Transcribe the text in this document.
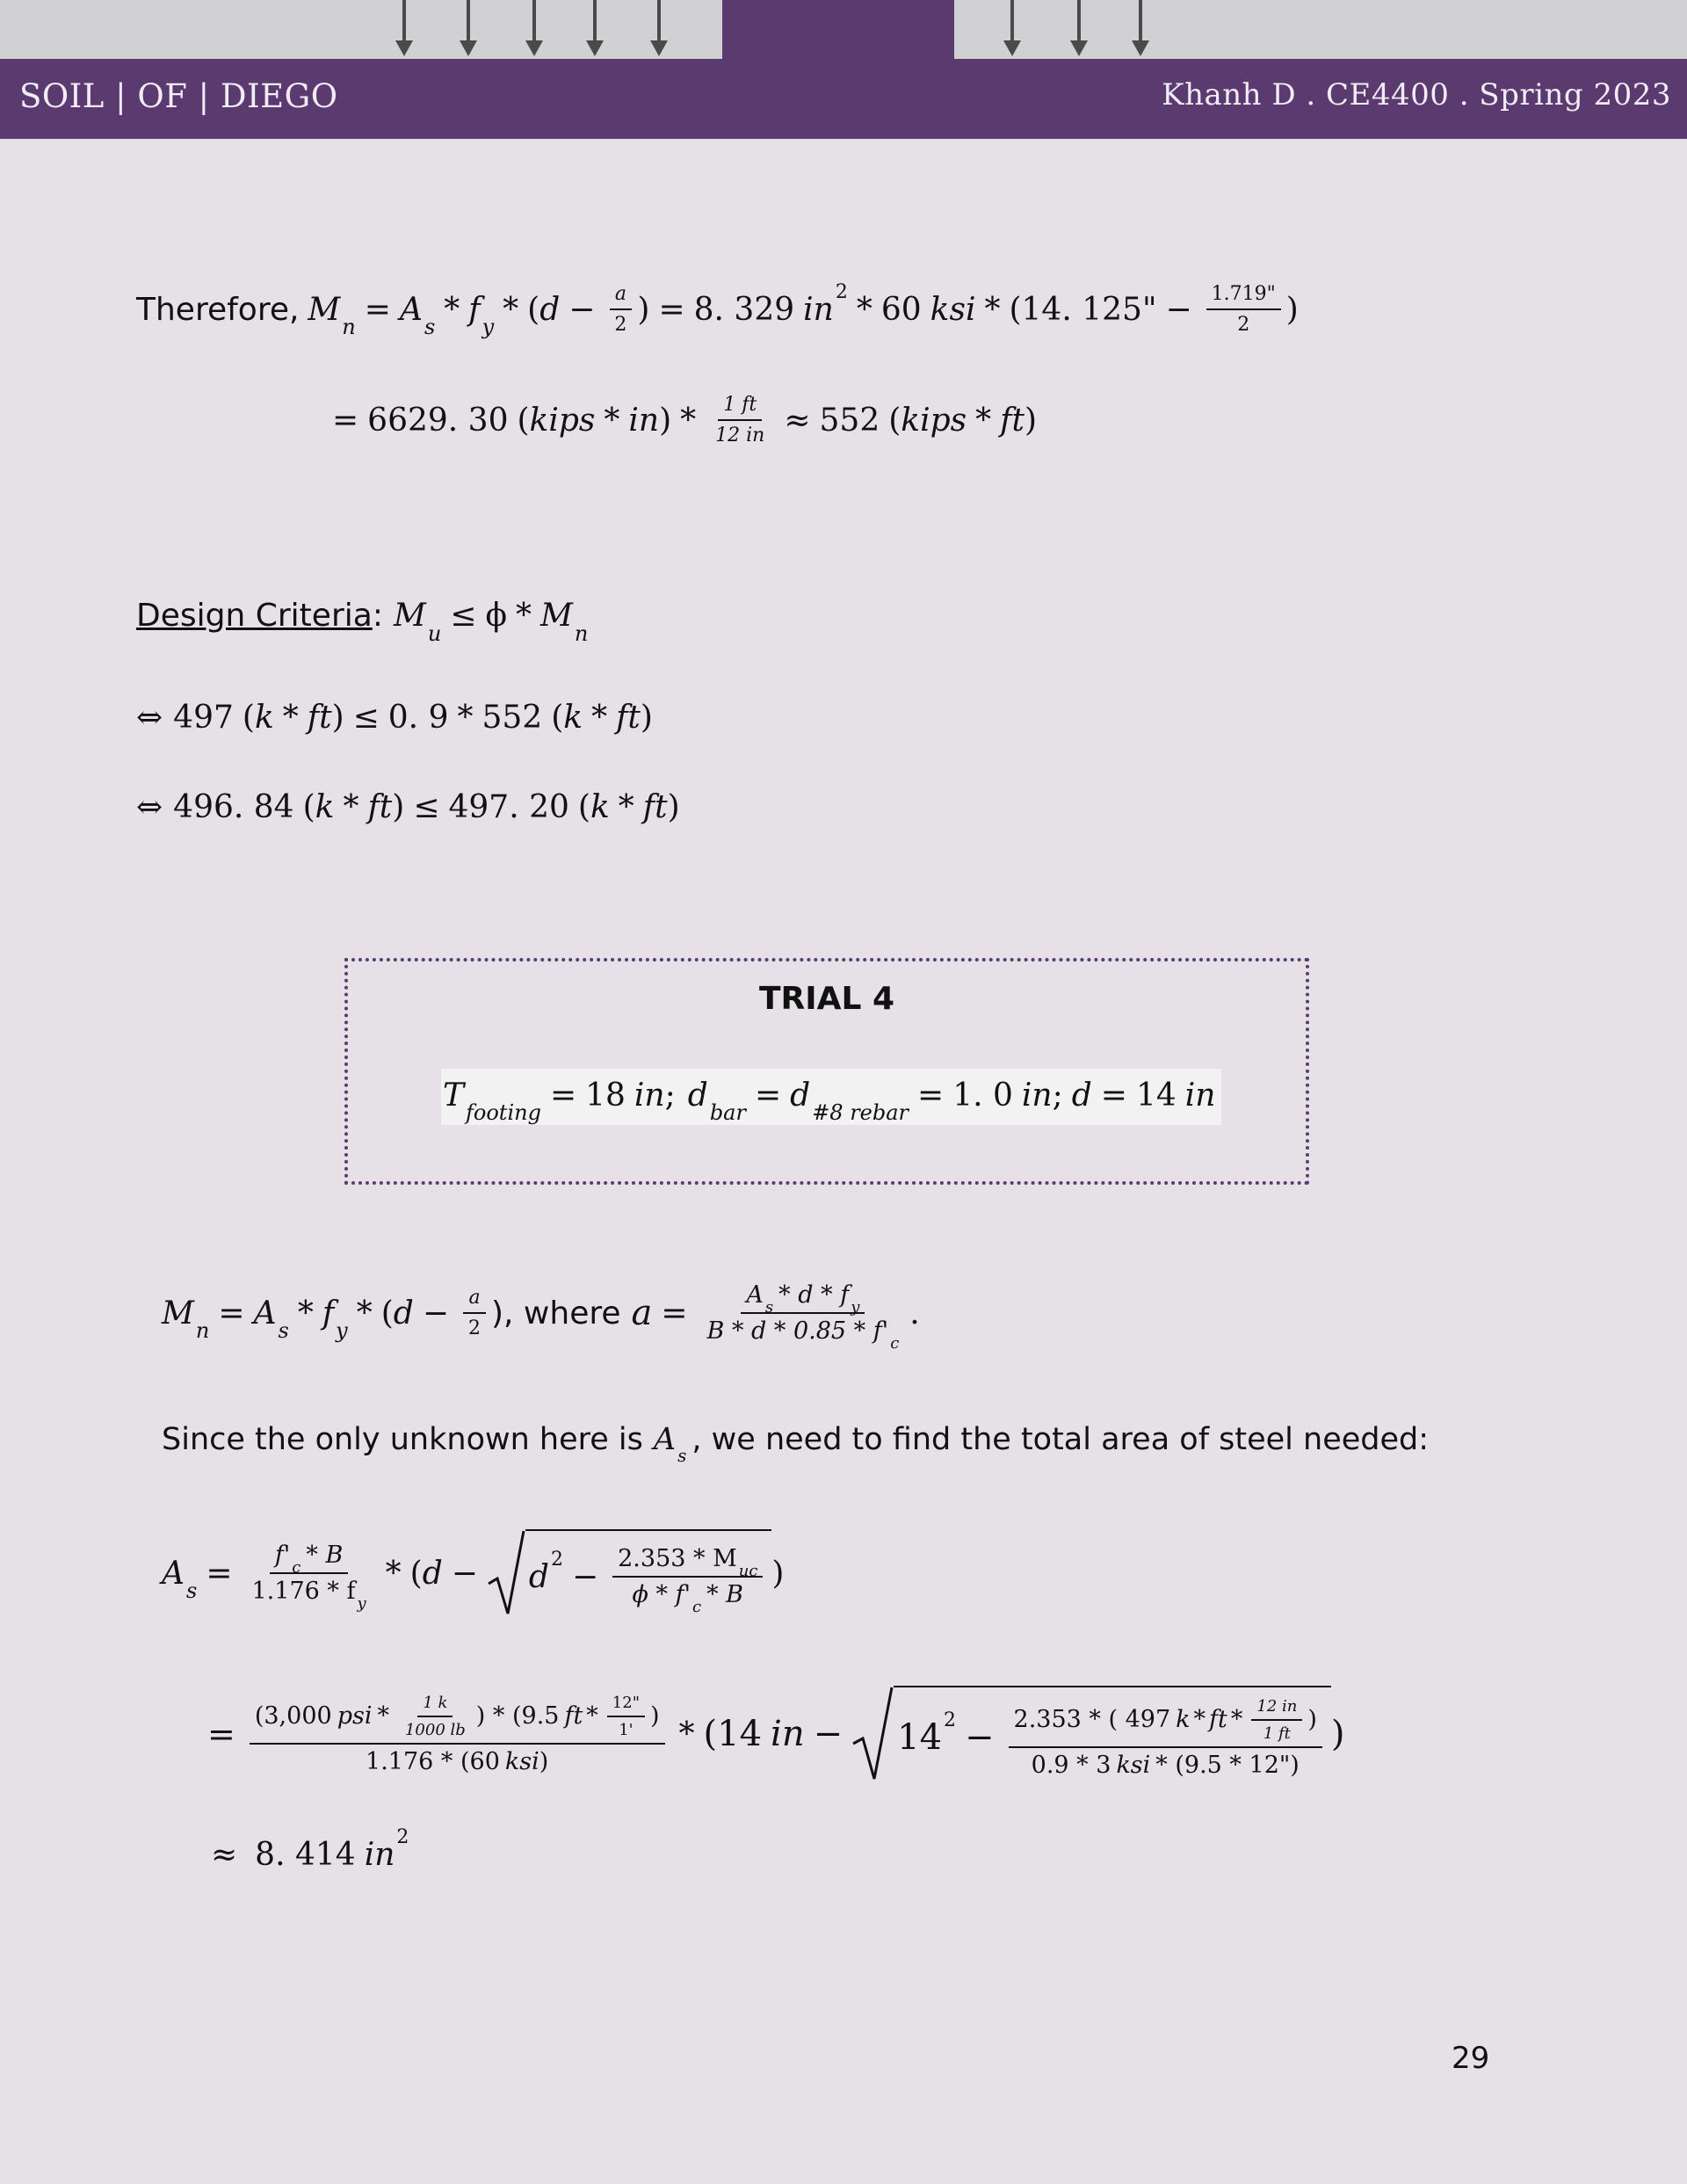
SOIL | OF | DIEGO	Khanh D . CE4400 . Spring 2023
Therefore, M n = A s * f y * ( $d - \frac{a}{2}$ ) = 8. 329 in 2 * 60 ksi * ( 14. 125" − $\frac{1.719"}{2}$ )
= 6629. 30 ( kips * in ) * $\frac{1 ft}{12 in} \approx 552$ ( kips * ft )
Design Criteria : M u ≤ ϕ * M n
⇔ 497 ( k * ft ) ≤ 0. 9 * 552 ( k * ft )
⇔ 496. 84 ( k * ft ) ≤ 497. 20 ( k * ft )
TRIAL 4
T footing = 18 in ; d bar = d #8 rebar = 1. 0 in ; d = 14 in
M n = A s * f y * ( $d - \frac{a}{2}$ ), where $a = \frac{\text{A s * d * f y}}{B * d * 0.85 * f' c}$ .
Since the only unknown here is A s , we need to find the total area of steel needed:
A $s = \frac{f' c * B}{\text{1.176 * f y}}$ * ( d − d $2 - \frac{\text{2.353 * M uc}}{\phi * f' c * B}$ )
= (3,000 psi * $\frac{1 k}{1000 lb}$ ) * (9.5 ft * $\frac{12"}{1'}$ )
1.176 * (60 ksi )
* ( 14 in − 14 $2 - \frac{2.353 * ( 497 k * ft * \frac{12 in}{1 ft} )}{\text{0.9 * 3 ksi * (9.5 * 12")}}$ )
≈ 8. 414 in 2
29
